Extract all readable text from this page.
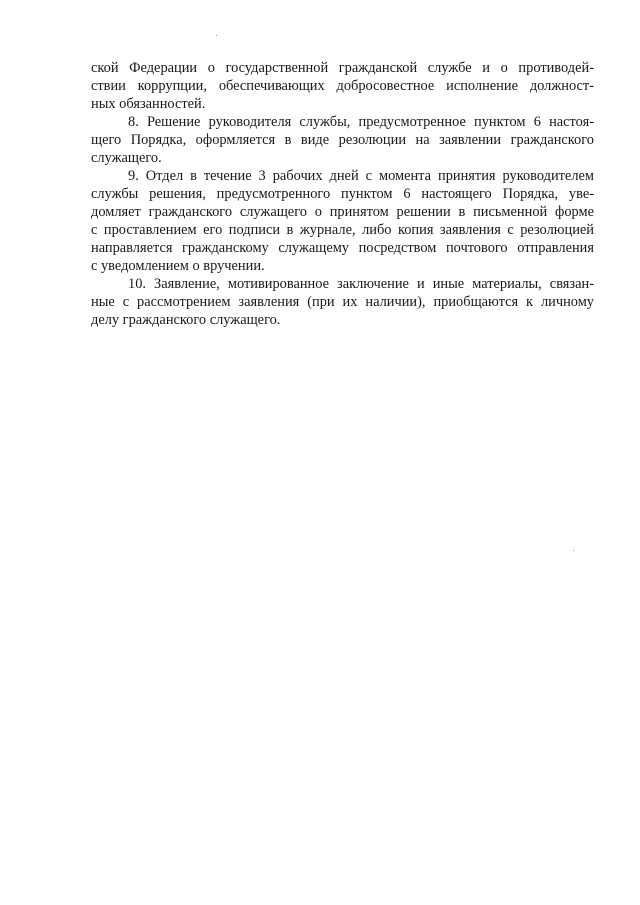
ской Федерации о государственной гражданской службе и о противодей-
ствии коррупции, обеспечивающих добросовестное исполнение должност-
ных обязанностей.

8. Решение руководителя службы, предусмотренное пунктом 6 настоя-
щего Порядка, оформляется в виде резолюции на заявлении гражданского
служащего.

9. Отдел в течение 3 рабочих дней с момента принятия руководителем
службы решения, предусмотренного пунктом 6 настоящего Порядка, уве-
домляет гражданского служащего о принятом решении в письменной форме
с проставлением его подписи в журнале, либо копия заявления с резолюцией
направляется гражданскому служащему посредством почтового отправления
с уведомлением о вручении.

10. Заявление, мотивированное заключение и иные материалы, связан-
ные с рассмотрением заявления (при их наличии), приобщаются к личному
делу гражданского служащего.
